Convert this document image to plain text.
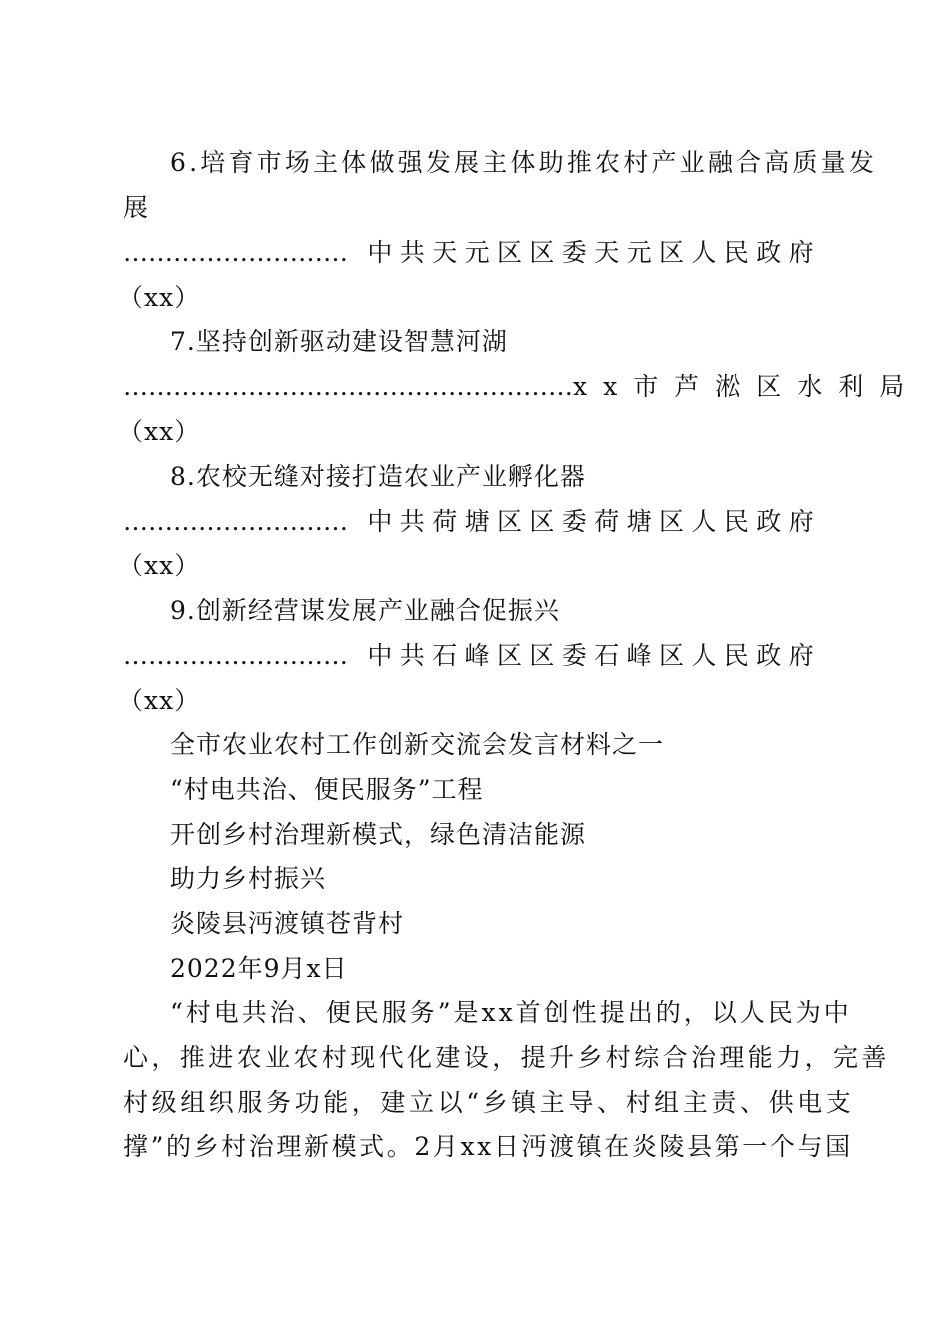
6.培育市场主体做强发展主体助推农村产业融合高质量发
展
……………………… 中共天元区区委天元区人民政府
（xx）
7.坚持创新驱动建设智慧河湖
……………………………………………… xx市芦淞区水利局
（xx）
8.农校无缝对接打造农业产业孵化器
……………………… 中共荷塘区区委荷塘区人民政府
（xx）
9.创新经营谋发展产业融合促振兴
……………………… 中共石峰区区委石峰区人民政府
（xx）
全市农业农村工作创新交流会发言材料之一
“村电共治、便民服务”工程
开创乡村治理新模式，绿色清洁能源
助力乡村振兴
炎陵县沔渡镇苍背村
2022年9月x日
“村电共治、便民服务”是xx首创性提出的，以人民为中
心，推进农业农村现代化建设，提升乡村综合治理能力，完善
村级组织服务功能，建立以“乡镇主导、村组主责、供电支
撑”的乡村治理新模式。2月xx日沔渡镇在炎陵县第一个与国
